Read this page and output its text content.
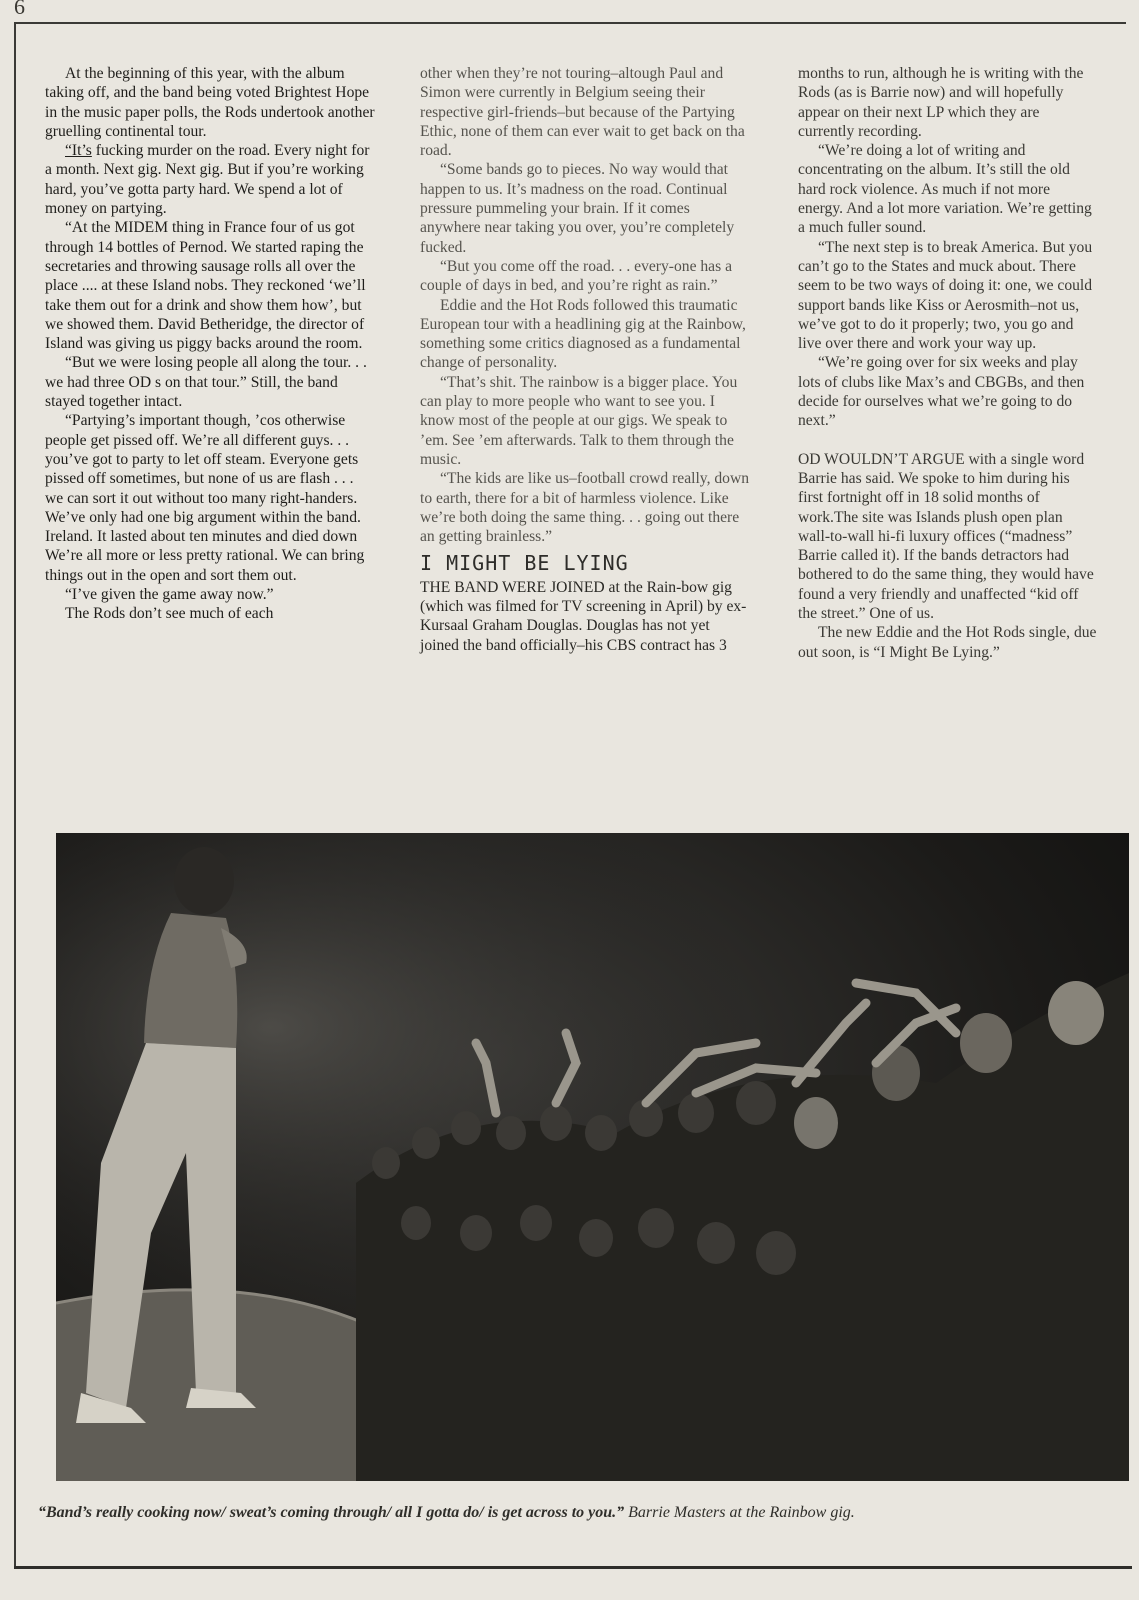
6

At the beginning of this year, with the album taking off, and the band being voted Brightest Hope in the music paper polls, the Rods undertook another gruelling continental tour.

“It’s fucking murder on the road. Every night for a month. Next gig. Next gig. But if you’re working hard, you’ve gotta party hard. We spend a lot of money on partying.

“At the MIDEM thing in France four of us got through 14 bottles of Pernod. We started raping the secretaries and throwing sausage rolls all over the place .... at these Island nobs. They reckoned ‘we’ll take them out for a drink and show them how’, but we showed them. David Betheridge, the director of Island was giving us piggy backs around the room.

“But we were losing people all along the tour. . . we had three OD s on that tour.” Still, the band stayed together intact.

“Partying’s important though, ’cos otherwise people get pissed off. We’re all different guys. . . you’ve got to party to let off steam. Everyone gets pissed off sometimes, but none of us are flash . . . we can sort it out without too many right-handers. We’ve only had one big argument within the band. Ireland. It lasted about ten minutes and died down We’re all more or less pretty rational. We can bring things out in the open and sort them out.

“I’ve given the game away now.”

The Rods don’t see much of each

other when they’re not touring–altough Paul and Simon were currently in Belgium seeing their respective girl-friends–but because of the Partying Ethic, none of them can ever wait to get back on tha road.

“Some bands go to pieces. No way would that happen to us. It’s madness on the road. Continual pressure pummeling your brain. If it comes anywhere near taking you over, you’re completely fucked.

“But you come off the road. . . every-one has a couple of days in bed, and you’re right as rain.”

Eddie and the Hot Rods followed this traumatic European tour with a headlining gig at the Rainbow, something some critics diagnosed as a fundamental change of personality.

“That’s shit. The rainbow is a bigger place. You can play to more people who want to see you. I know most of the people at our gigs. We speak to ’em. See ’em afterwards. Talk to them through the music.

“The kids are like us–football crowd really, down to earth, there for a bit of harmless violence. Like we’re both doing the same thing. . . going out there an getting brainless.”

I MIGHT BE LYING

THE BAND WERE JOINED at the Rain-bow gig (which was filmed for TV screening in April) by ex-Kursaal Graham Douglas. Douglas has not yet joined the band officially–his CBS contract has 3

months to run, although he is writing with the Rods (as is Barrie now) and will hopefully appear on their next LP which they are currently recording.

“We’re doing a lot of writing and concentrating on the album. It’s still the old hard rock violence. As much if not more energy. And a lot more variation. We’re getting a much fuller sound.

“The next step is to break America. But you can’t go to the States and muck about. There seem to be two ways of doing it: one, we could support bands like Kiss or Aerosmith–not us, we’ve got to do it properly; two, you go and live over there and work your way up.

“We’re going over for six weeks and play lots of clubs like Max’s and CBGBs, and then decide for ourselves what we’re going to do next.”

OD WOULDN’T ARGUE with a single word Barrie has said. We spoke to him during his first fortnight off in 18 solid months of work.The site was Islands plush open plan wall-to-wall hi-fi luxury offices (“madness” Barrie called it). If the bands detractors had bothered to do the same thing, they would have found a very friendly and unaffected “kid off the street.” One of us.

The new Eddie and the Hot Rods single, due out soon, is “I Might Be Lying.”

“Band’s really cooking now/ sweat’s coming through/ all I gotta do/ is get across to you.” Barrie Masters at the Rainbow gig.
